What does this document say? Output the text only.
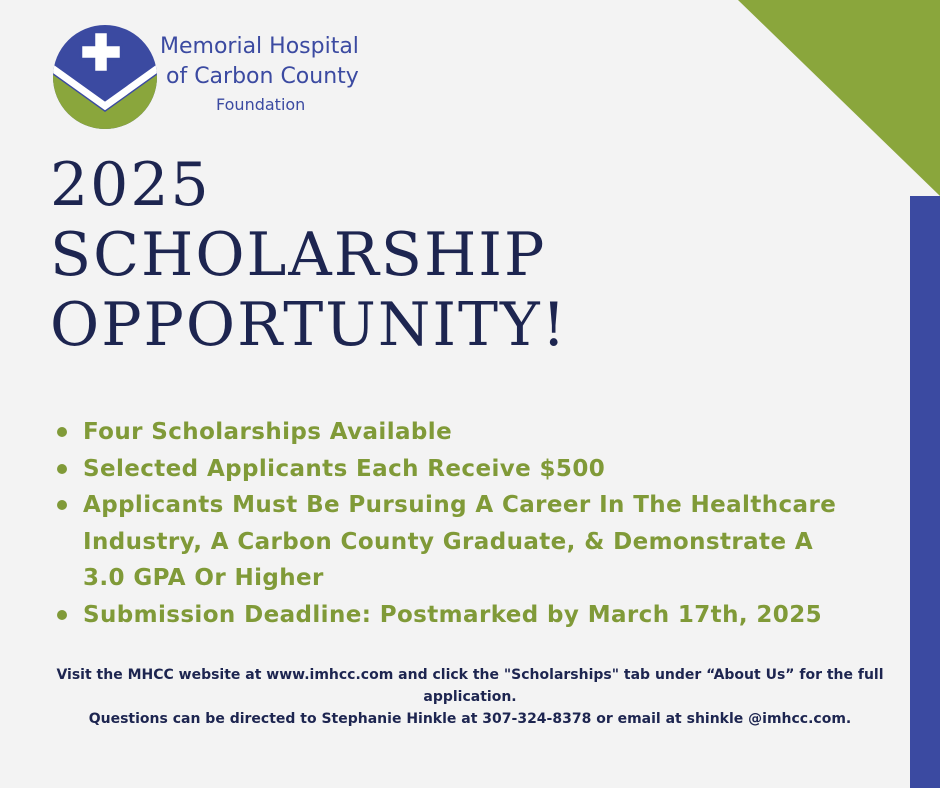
Memorial Hospital
of Carbon County
Foundation
2025
SCHOLARSHIP
OPPORTUNITY!
Four Scholarships Available
Selected Applicants Each Receive $500
Applicants Must Be Pursuing A Career In The Healthcare Industry, A Carbon County Graduate, & Demonstrate A 3.0 GPA Or Higher
Submission Deadline: Postmarked by March 17th, 2025
Visit the MHCC website at www.imhcc.com and click the "Scholarships" tab under “About Us” for the full application.
Questions can be directed to Stephanie Hinkle at 307-324-8378 or email at shinkle @imhcc.com.
